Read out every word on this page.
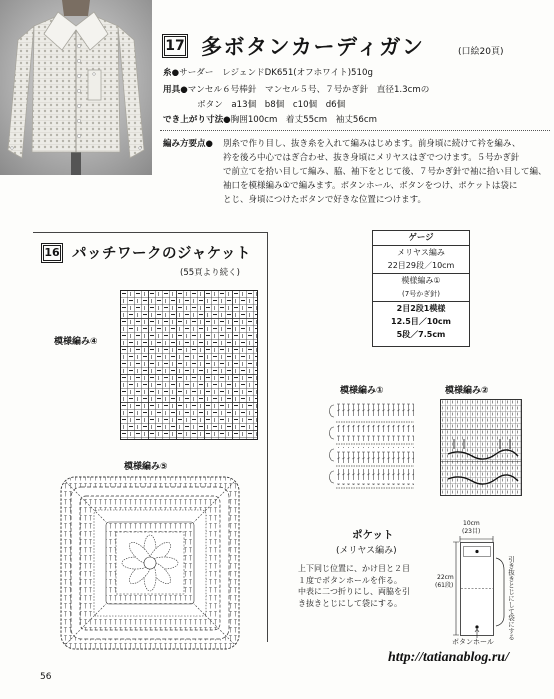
17 多ボタンカーディガン	(口絵20頁)
糸●サーダー　レジェンドDK651(オフホワイト)510g
用具●マンセル６号棒針　マンセル５号、７号かぎ針　直径1.3cmの
ボタン　a13個　b8個　c10個　d6個
でき上がり寸法●胸囲100cm　着丈55cm　袖丈56cm
編み方要点● 別糸で作り目し、抜き糸を入れて編みはじめます。前身頃に続けて衿を編み、
衿を後ろ中心ではぎ合わせ、抜き身頃にメリヤスはぎでつけます。５号かぎ針
で前立てを拾い目して編み、脇、袖下をとじて後、７号かぎ針で袖に拾い目して編、
袖口を模様編み①で編みます。ボタンホール、ボタンをつけ、ポケットは袋に
とじ、身頃につけたボタンで好きな位置につけます。
16 パッチワークのジャケット
(55頁より続く)
模様編み④
模様編み⑤
ゲージ
メリヤス編み
22目29段／10cm
模様編み①
(7号かぎ針)
2目2段1模様
12.5目／10cm
5段／7.5cm
模様編み①	模様編み②
ポケット
(メリヤス編み)
上下同じ位置に、かけ目と２目
１度でボタンホールを作る。
中表に二つ折りにし、両脇を引
き抜きとじにして袋にする。
10cm
(23目)
22cm
(61段)
ボタンホール
引き抜きとじにして袋にする
56
http://tatianablog.ru/
